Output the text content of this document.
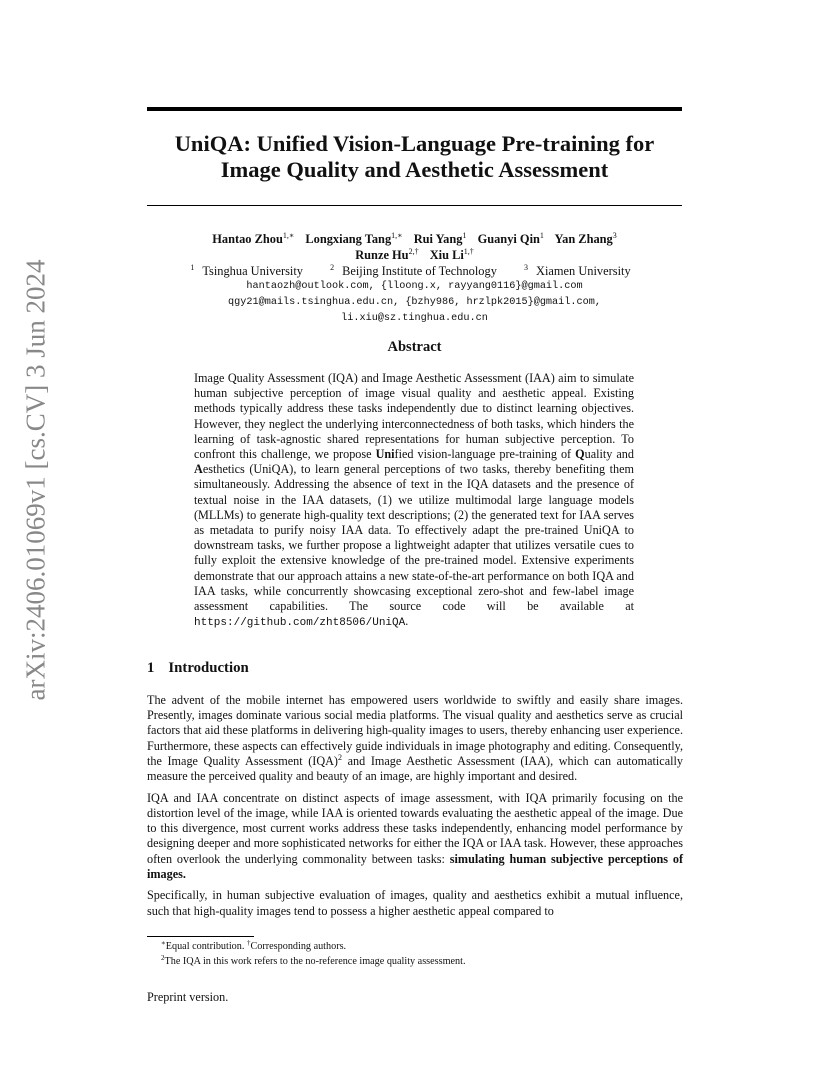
UniQA: Unified Vision-Language Pre-training for
Image Quality and Aesthetic Assessment
arXiv:2406.01069v1 [cs.CV] 3 Jun 2024
Hantao Zhou$^{1,∗}$ Longxiang Tang$^{1,∗}$ Rui Yang$^1$ Guanyi Qin$^1$ Yan Zhang$^3$
Runze $Hu^{2,\dagger}$ Xiu $Li^{1,\dagger}$
$^1$ Tsinghua University	$^2$ Beijing Institute of Technology	$^3$ Xiamen University
hantaozh@outlook.com, {lloong.x, rayyang0116}@gmail.com
qgy21@mails.tsinghua.edu.cn, {bzhy986, hrzlpk2015}@gmail.com,
li.xiu@sz.tinghua.edu.cn
Abstract
Image Quality Assessment (IQA) and Image Aesthetic Assessment (IAA) aim to simulate human subjective perception of image visual quality and aesthetic appeal. Existing methods typically address these tasks independently due to distinct learning objectives. However, they neglect the underlying interconnectedness of both tasks, which hinders the learning of task-agnostic shared representations for human subjective perception. To confront this challenge, we propose Unified vision-language pre-training of Quality and Aesthetics (UniQA), to learn general perceptions of two tasks, thereby benefiting them simultaneously. Addressing the absence of text in the IQA datasets and the presence of textual noise in the IAA datasets, (1) we utilize multimodal large language models (MLLMs) to generate high-quality text descriptions; (2) the generated text for IAA serves as metadata to purify noisy IAA data. To effectively adapt the pre-trained UniQA to downstream tasks, we further propose a lightweight adapter that utilizes versatile cues to fully exploit the extensive knowledge of the pre-trained model. Extensive experiments demonstrate that our approach attains a new state-of-the-art performance on both IQA and IAA tasks, while concurrently showcasing exceptional zero-shot and few-label image assessment capabilities. The source code will be available at https://github.com/zht8506/UniQA.
1 Introduction

The advent of the mobile internet has empowered users worldwide to swiftly and easily share images. Presently, images dominate various social media platforms. The visual quality and aesthetics serve as crucial factors that aid these platforms in delivering high-quality images to users, thereby enhancing user experience. Furthermore, these aspects can effectively guide individuals in image photography and editing. Consequently, the Image Quality Assessment (IQA)$^2$ and Image Aesthetic Assessment (IAA), which can automatically measure the perceived quality and beauty of an image, are highly important and desired.

IQA and IAA concentrate on distinct aspects of image assessment, with IQA primarily focusing on the distortion level of the image, while IAA is oriented towards evaluating the aesthetic appeal of the image. Due to this divergence, most current works address these tasks independently, enhancing model performance by designing deeper and more sophisticated networks for either the IQA or IAA task. However, these approaches often overlook the underlying commonality between tasks: simulating human subjective perceptions of images.

Specifically, in human subjective evaluation of images, quality and aesthetics exhibit a mutual influence, such that high-quality images tend to possess a higher aesthetic appeal compared to

∗Equal contribution. †Corresponding authors.
$^2$The IQA in this work refers to the no-reference image quality assessment.
Preprint version.
